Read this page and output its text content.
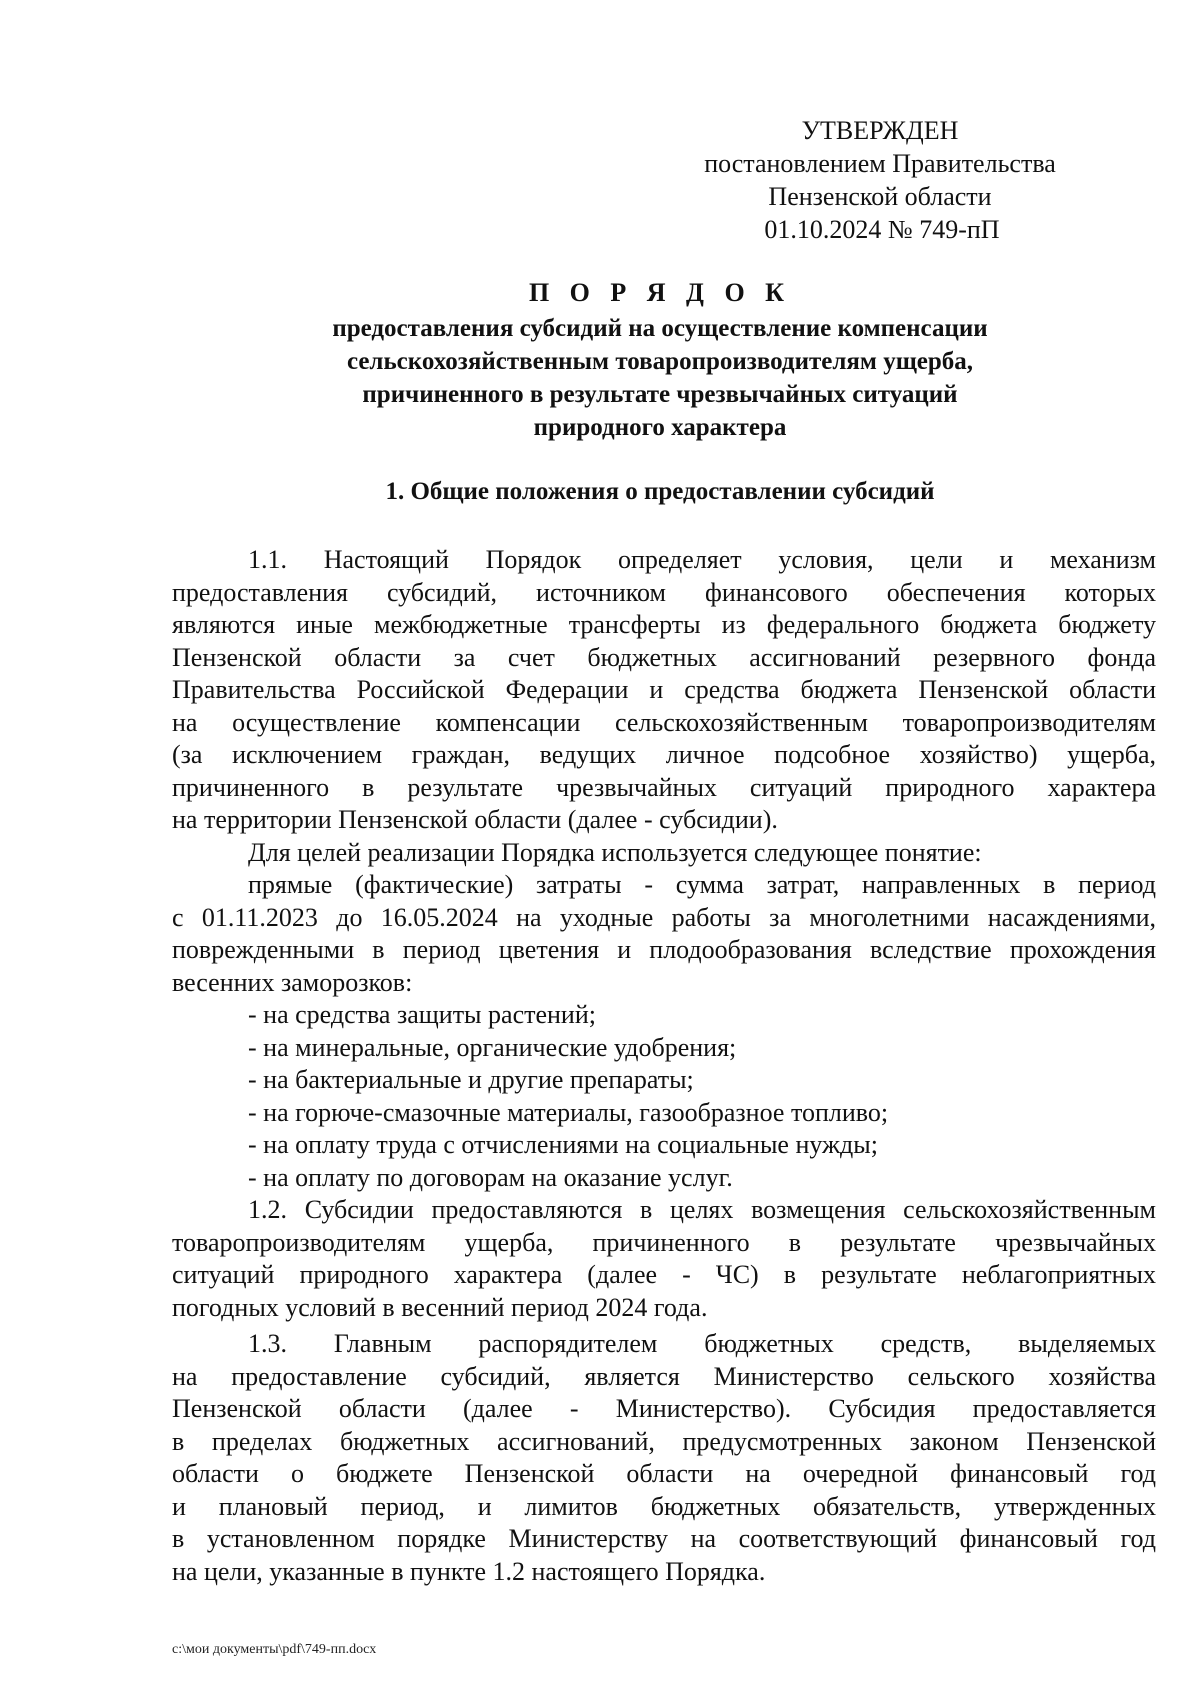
УТВЕРЖДЕН
постановлением Правительства
Пензенской области
01.10.2024 № 749-пП
П О Р Я Д О К
предоставления субсидий на осуществление компенсации
сельскохозяйственным товаропроизводителям ущерба,
причиненного в результате чрезвычайных ситуаций
природного характера
1. Общие положения о предоставлении субсидий
1.1. Настоящий Порядок определяет условия, цели и механизм
предоставления субсидий, источником финансового обеспечения которых
являются иные межбюджетные трансферты из федерального бюджета бюджету
Пензенской области за счет бюджетных ассигнований резервного фонда
Правительства Российской Федерации и средства бюджета Пензенской области
на осуществление компенсации сельскохозяйственным товаропроизводителям
(за исключением граждан, ведущих личное подсобное хозяйство) ущерба,
причиненного в результате чрезвычайных ситуаций природного характера
на территории Пензенской области (далее - субсидии).
Для целей реализации Порядка используется следующее понятие:
прямые (фактические) затраты - сумма затрат, направленных в период
с 01.11.2023 до 16.05.2024 на уходные работы за многолетними насаждениями,
поврежденными в период цветения и плодообразования вследствие прохождения
весенних заморозков:
- на средства защиты растений;
- на минеральные, органические удобрения;
- на бактериальные и другие препараты;
- на горюче-смазочные материалы, газообразное топливо;
- на оплату труда с отчислениями на социальные нужды;
- на оплату по договорам на оказание услуг.
1.2. Субсидии предоставляются в целях возмещения сельскохозяйственным
товаропроизводителям ущерба, причиненного в результате чрезвычайных
ситуаций природного характера (далее - ЧС) в результате неблагоприятных
погодных условий в весенний период 2024 года.
1.3. Главным распорядителем бюджетных средств, выделяемых
на предоставление субсидий, является Министерство сельского хозяйства
Пензенской области (далее - Министерство). Субсидия предоставляется
в пределах бюджетных ассигнований, предусмотренных законом Пензенской
области о бюджете Пензенской области на очередной финансовый год
и плановый период, и лимитов бюджетных обязательств, утвержденных
в установленном порядке Министерству на соответствующий финансовый год
на цели, указанные в пункте 1.2 настоящего Порядка.
c:\мои документы\pdf\749-пп.docx
